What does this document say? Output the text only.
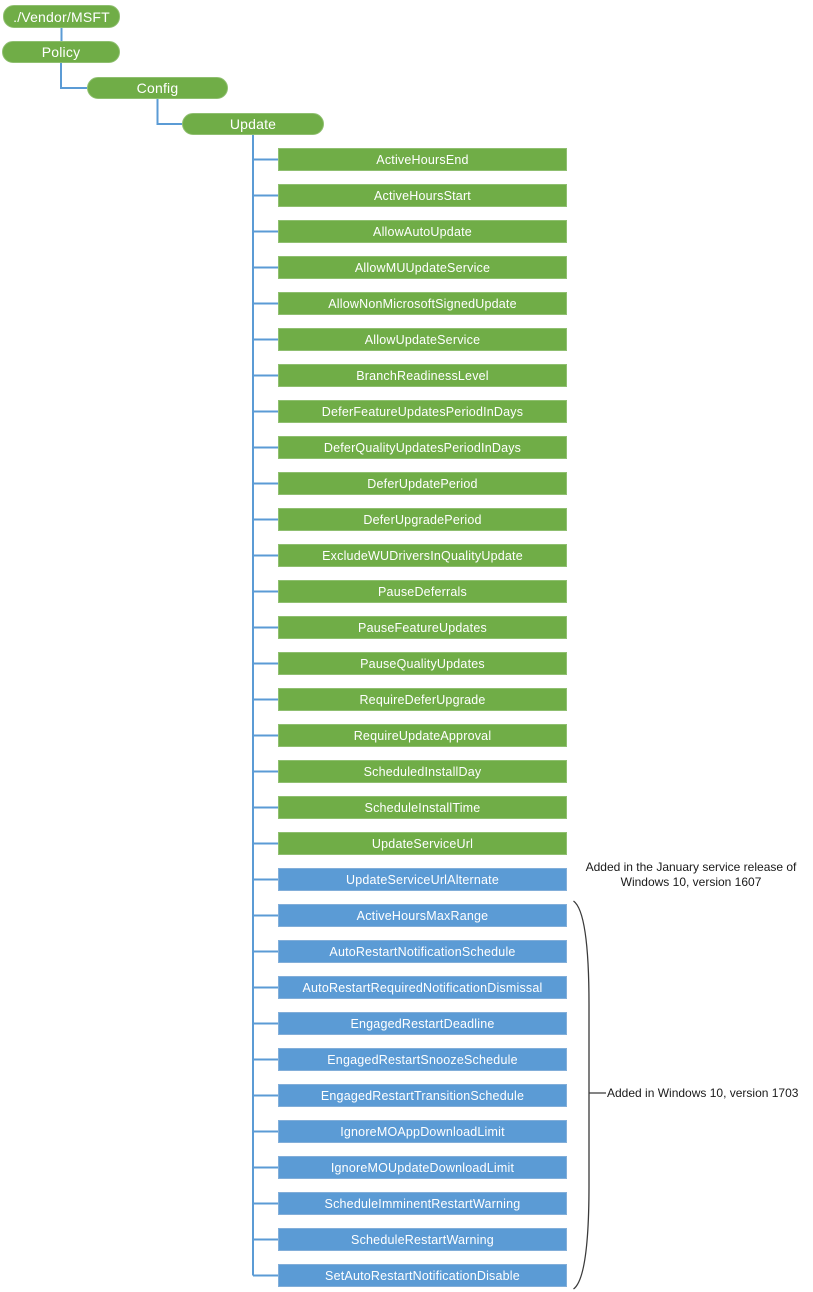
./Vendor/MSFT
Policy
Config
Update
ActiveHoursEnd
ActiveHoursStart
AllowAutoUpdate
AllowMUUpdateService
AllowNonMicrosoftSignedUpdate
AllowUpdateService
BranchReadinessLevel
DeferFeatureUpdatesPeriodInDays
DeferQualityUpdatesPeriodInDays
DeferUpdatePeriod
DeferUpgradePeriod
ExcludeWUDriversInQualityUpdate
PauseDeferrals
PauseFeatureUpdates
PauseQualityUpdates
RequireDeferUpgrade
RequireUpdateApproval
ScheduledInstallDay
ScheduleInstallTime
UpdateServiceUrl
UpdateServiceUrlAlternate
ActiveHoursMaxRange
AutoRestartNotificationSchedule
AutoRestartRequiredNotificationDismissal
EngagedRestartDeadline
EngagedRestartSnoozeSchedule
EngagedRestartTransitionSchedule
IgnoreMOAppDownloadLimit
IgnoreMOUpdateDownloadLimit
ScheduleImminentRestartWarning
ScheduleRestartWarning
SetAutoRestartNotificationDisable
Added in the January service release of
Windows 10, version 1607
Added in Windows 10, version 1703
